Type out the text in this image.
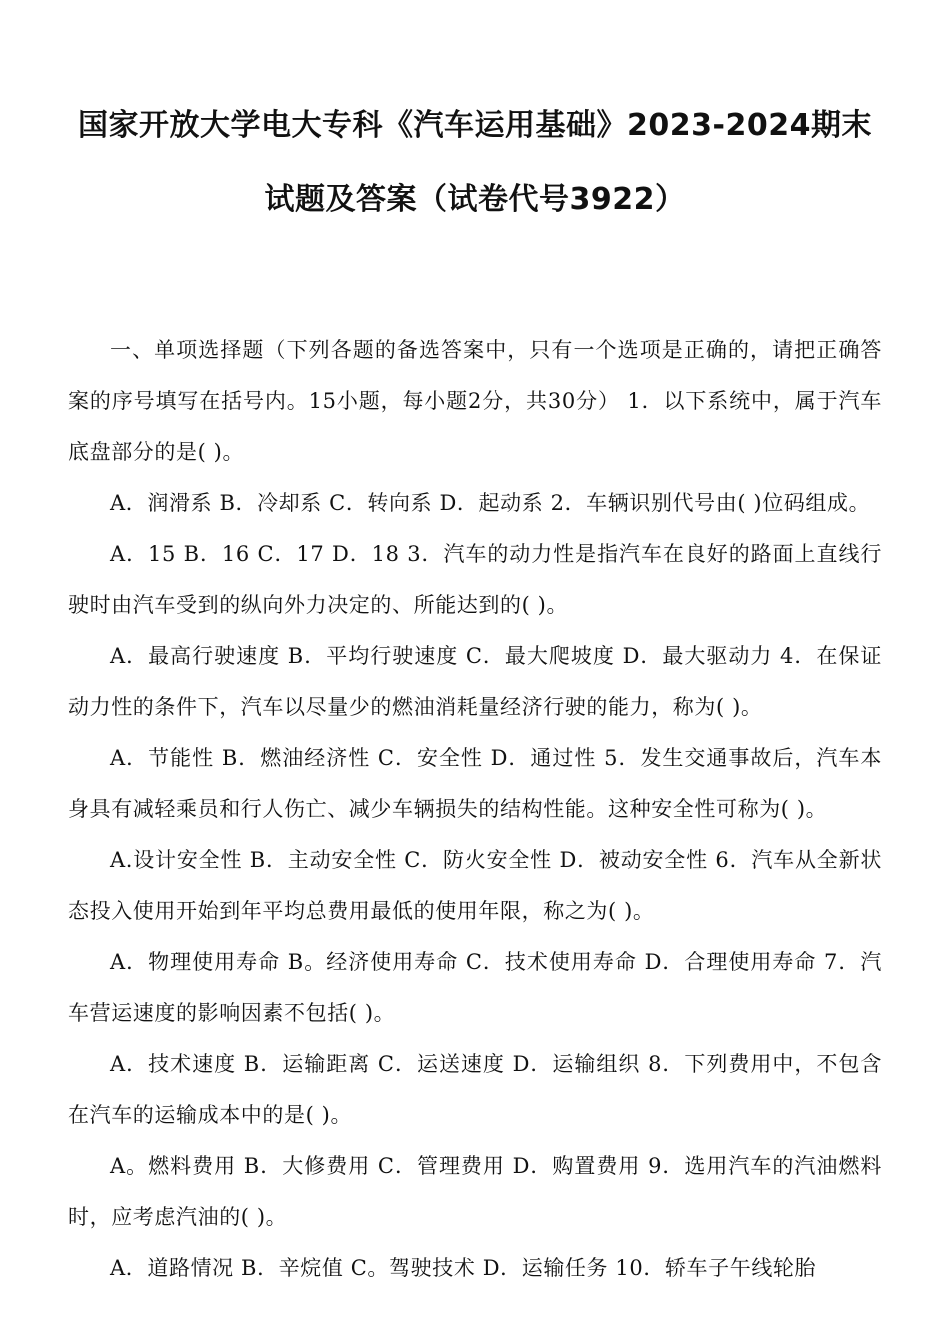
国家开放大学电大专科《汽车运用基础》2023-2024期末
试题及答案（试卷代号3922）

一、单项选择题（下列各题的备选答案中，只有一个选项是正确的，请把正确答案的序号填写在括号内。15小题，每小题2分，共30分） 1．以下系统中，属于汽车底盘部分的是( )。

A．润滑系 B．冷却系 C．转向系 D．起动系 2．车辆识别代号由( )位码组成。

A．15 B．16 C．17 D．18 3．汽车的动力性是指汽车在良好的路面上直线行驶时由汽车受到的纵向外力决定的、所能达到的( )。

A．最高行驶速度 B．平均行驶速度 C．最大爬坡度 D．最大驱动力 4．在保证动力性的条件下，汽车以尽量少的燃油消耗量经济行驶的能力，称为( )。

A．节能性 B．燃油经济性 C．安全性 D．通过性 5．发生交通事故后，汽车本身具有减轻乘员和行人伤亡、减少车辆损失的结构性能。这种安全性可称为( )。

A.设计安全性 B．主动安全性 C．防火安全性 D．被动安全性 6．汽车从全新状态投入使用开始到年平均总费用最低的使用年限，称之为( )。

A．物理使用寿命 B。经济使用寿命 C．技术使用寿命 D．合理使用寿命 7．汽车营运速度的影响因素不包括( )。

A．技术速度 B．运输距离 C．运送速度 D．运输组织 8．下列费用中，不包含在汽车的运输成本中的是( )。

A。燃料费用 B．大修费用 C．管理费用 D．购置费用 9．选用汽车的汽油燃料时，应考虑汽油的( )。

A．道路情况 B．辛烷值 C。驾驶技术 D．运输任务 10．轿车子午线轮胎
